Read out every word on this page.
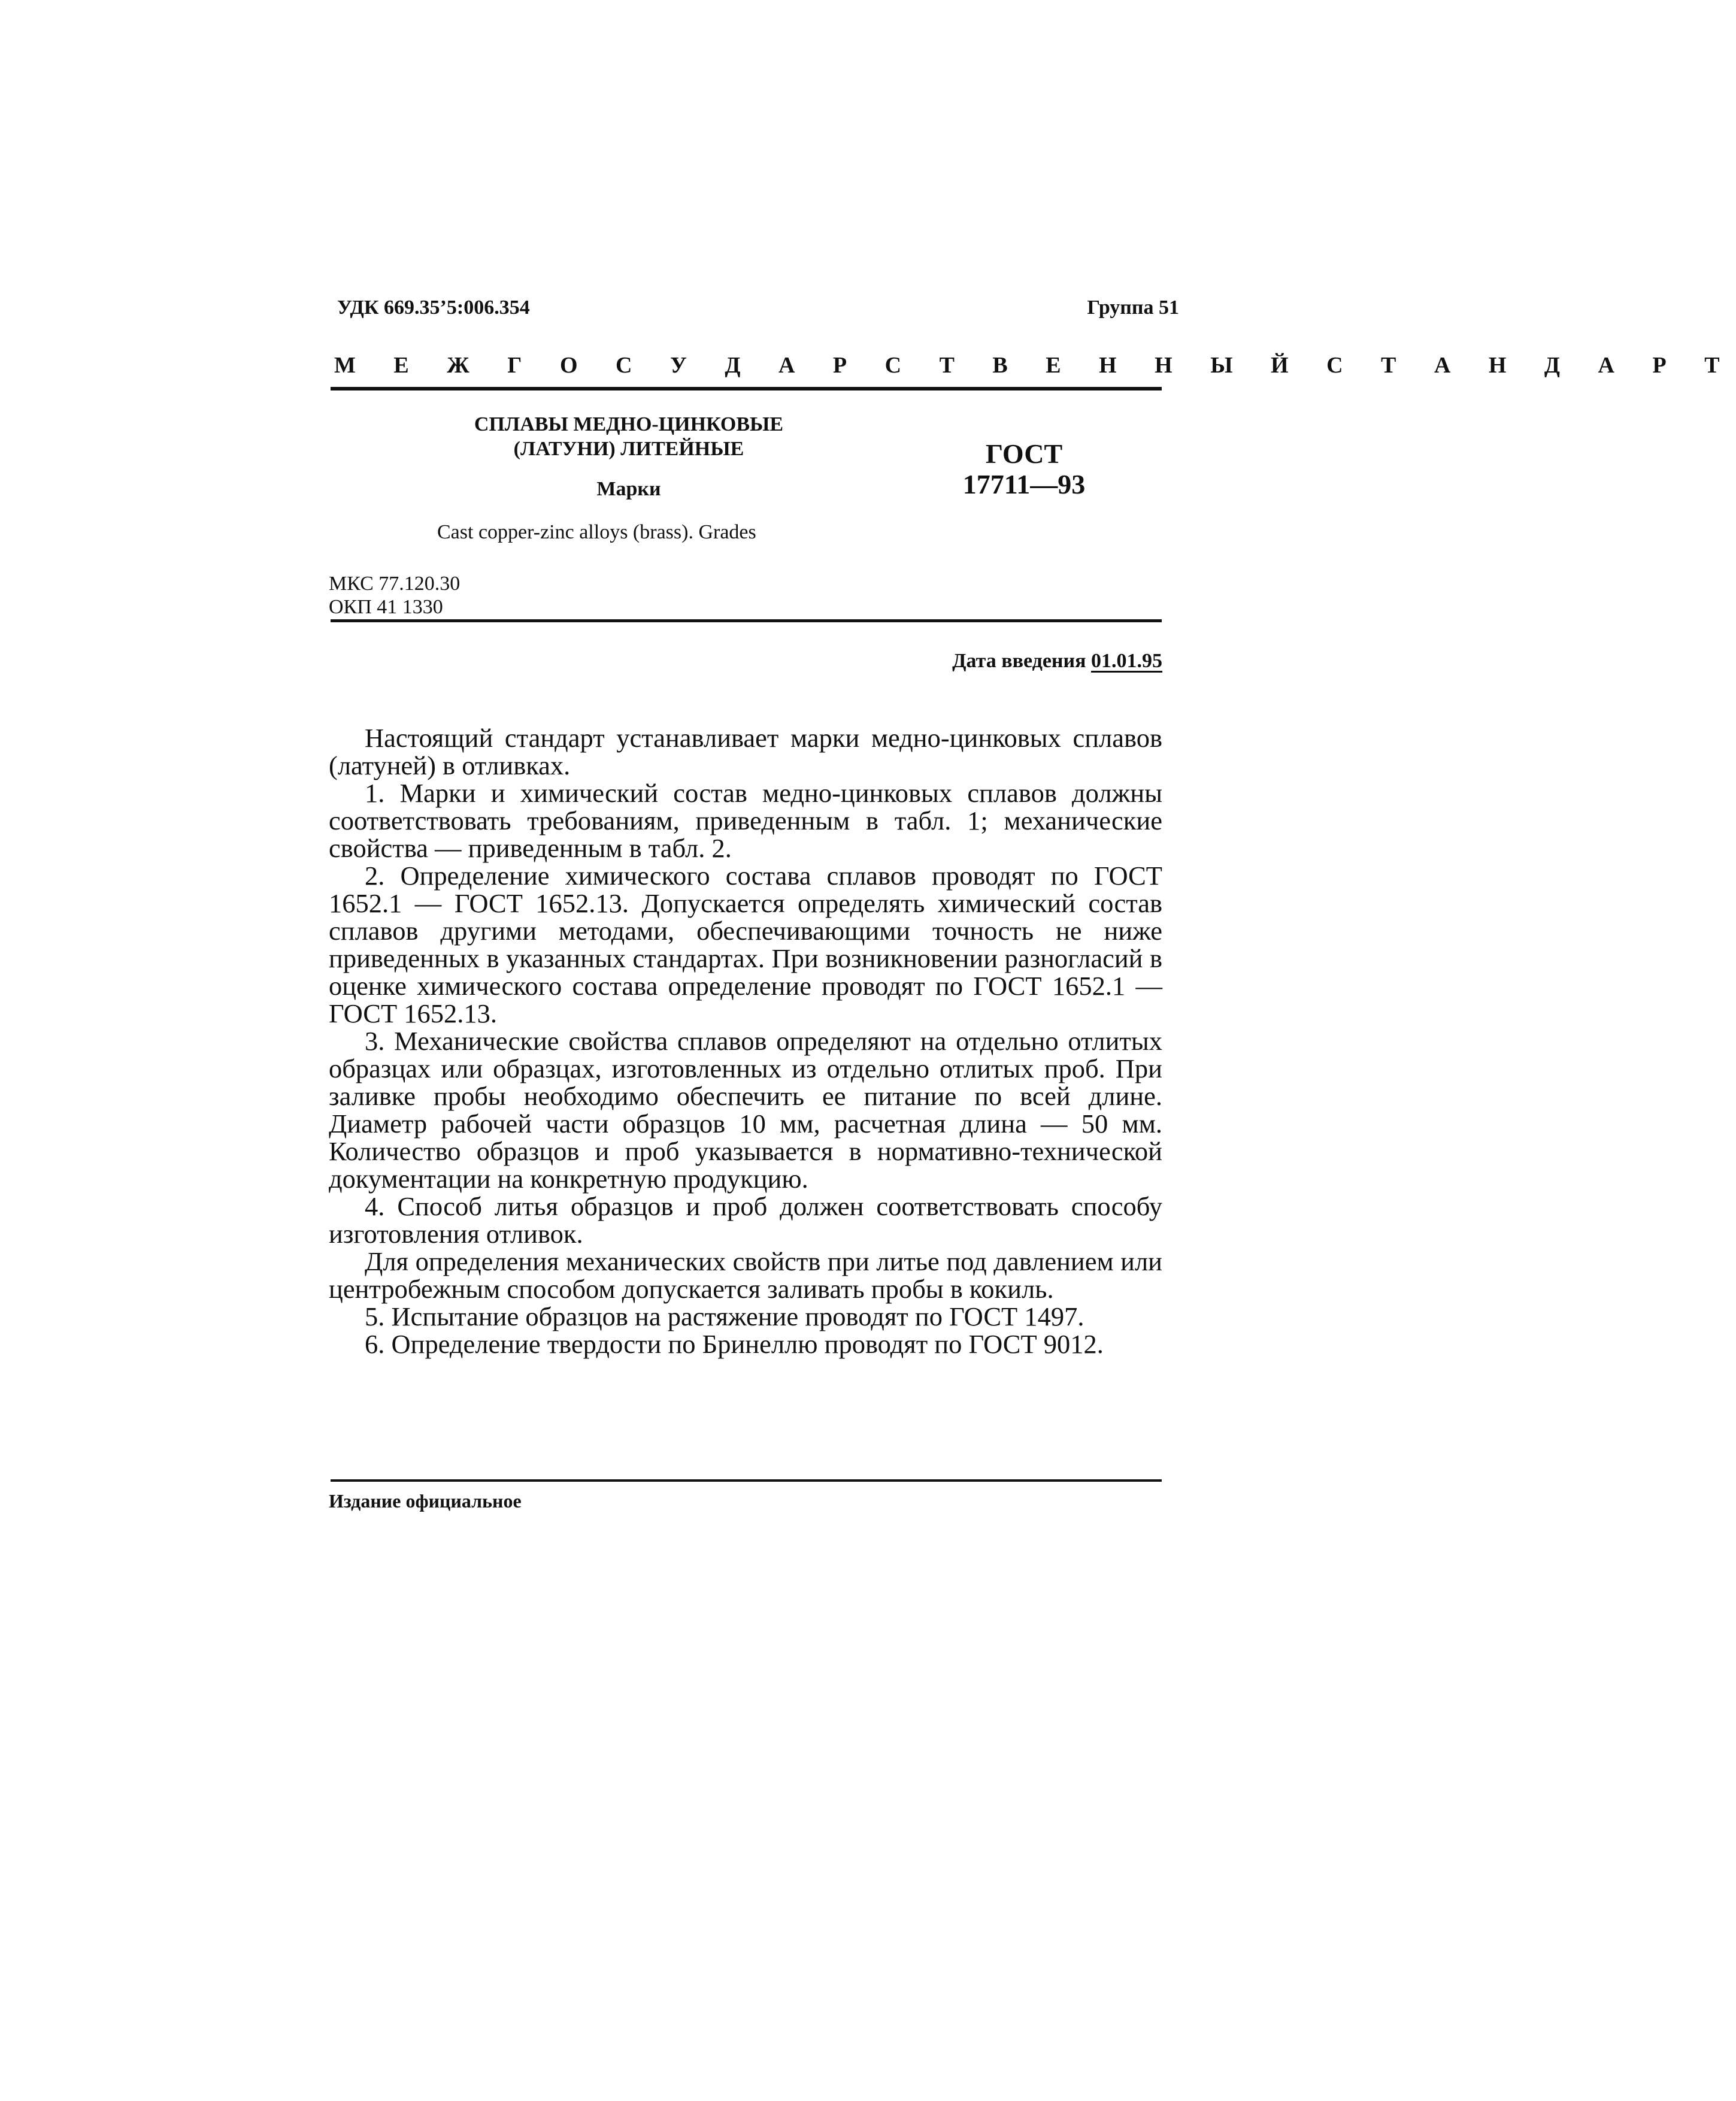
УДК 669.35’5:006.354	Группа 51
М Е Ж Г О С У Д А Р С Т В Е Н Н Ы Й С Т А Н Д А Р Т
СПЛАВЫ МЕДНО-ЦИНКОВЫЕ
(ЛАТУНИ) ЛИТЕЙНЫЕ
Марки
ГОСТ
17711—93
Cast copper-zinc alloys (brass). Grades
МКС 77.120.30
ОКП 41 1330
Дата введения 01.01.95

Настоящий стандарт устанавливает марки медно-цинковых сплавов (латуней) в отливках.

1. Марки и химический состав медно-цинковых сплавов должны соответствовать требованиям, приведенным в табл. 1; механические свойства — приведенным в табл. 2.

2. Определение химического состава сплавов проводят по ГОСТ 1652.1 — ГОСТ 1652.13. Допускается определять химический состав сплавов другими методами, обеспечивающими точность не ниже приведенных в указанных стандартах. При возникновении разногласий в оценке химического состава определение проводят по ГОСТ 1652.1 — ГОСТ 1652.13.

3. Механические свойства сплавов определяют на отдельно отлитых образцах или образцах, изготовленных из отдельно отлитых проб. При заливке пробы необходимо обеспечить ее питание по всей длине. Диаметр рабочей части образцов 10 мм, расчетная длина — 50 мм. Количество образцов и проб указывается в нормативно-технической документации на конкретную продукцию.

4. Способ литья образцов и проб должен соответствовать способу изготовления отливок.

Для определения механических свойств при литье под давлением или центробежным способом допускается заливать пробы в кокиль.

5. Испытание образцов на растяжение проводят по ГОСТ 1497.

6. Определение твердости по Бринеллю проводят по ГОСТ 9012.

Издание официальное
